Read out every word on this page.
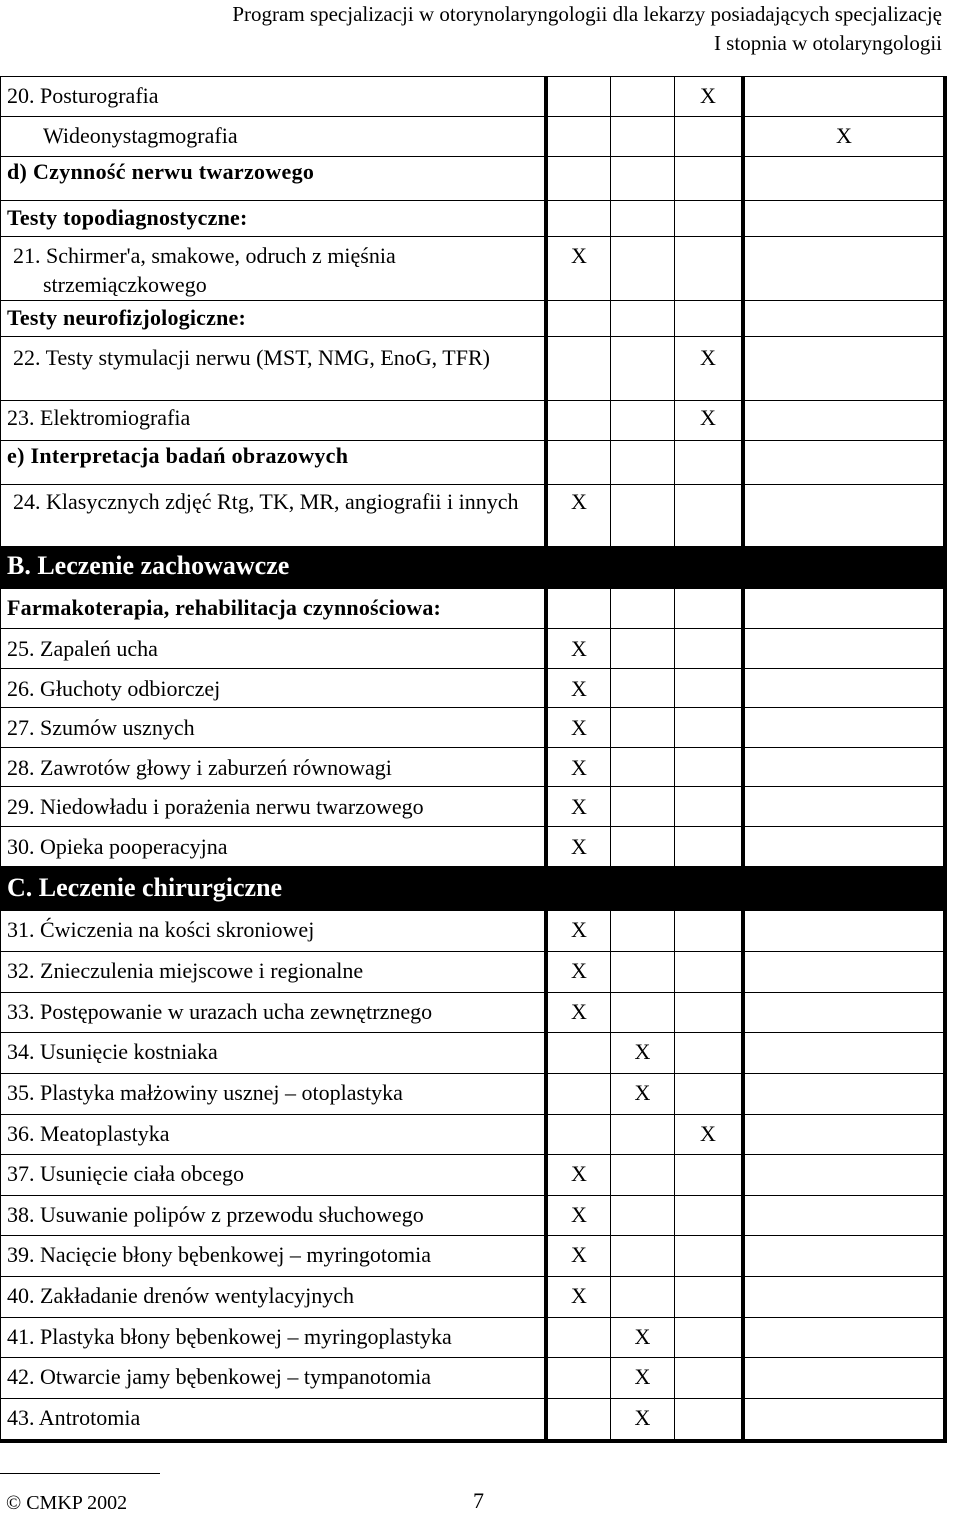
Program specjalizacji w otorynolaryngologii dla lekarzy posiadających specjalizację
I stopnia w otolaryngologii
20. Posturografia			X	

Wideonystagmografia				X
d) Czynność nerwu twarzowego				
Testy topodiagnostyczne:				

21. Schirmer'a, smakowe, odruch z mięśnia strzemiączkowego	X			
Testy neurofizjologiczne:				

22. Testy stymulacji nerwu (MST, NMG, EnoG, TFR)			X	
23. Elektromiografia			X	
e) Interpretacja badań obrazowych				

24. Klasycznych zdjęć Rtg, TK, MR, angiografii i innych	X			
B. Leczenie zachowawcze				
Farmakoterapia, rehabilitacja czynnościowa:				
25. Zapaleń ucha	X			
26. Głuchoty odbiorczej	X			
27. Szumów usznych	X			
28. Zawrotów głowy i zaburzeń równowagi	X			
29. Niedowładu i porażenia nerwu twarzowego	X			
30. Opieka pooperacyjna	X			
C. Leczenie chirurgiczne				
31. Ćwiczenia na kości skroniowej	X			
32. Znieczulenia miejscowe i regionalne	X			
33. Postępowanie w urazach ucha zewnętrznego	X			
34. Usunięcie kostniaka		X		
35. Plastyka małżowiny usznej – otoplastyka		X		
36. Meatoplastyka			X	
37. Usunięcie ciała obcego	X			
38. Usuwanie polipów z przewodu słuchowego	X			
39. Nacięcie błony bębenkowej – myringotomia	X			
40. Zakładanie drenów wentylacyjnych	X			
41. Plastyka błony bębenkowej – myringoplastyka		X		
42. Otwarcie jamy bębenkowej – tympanotomia		X		
43. Antrotomia		X		
© CMKP 2002	7
